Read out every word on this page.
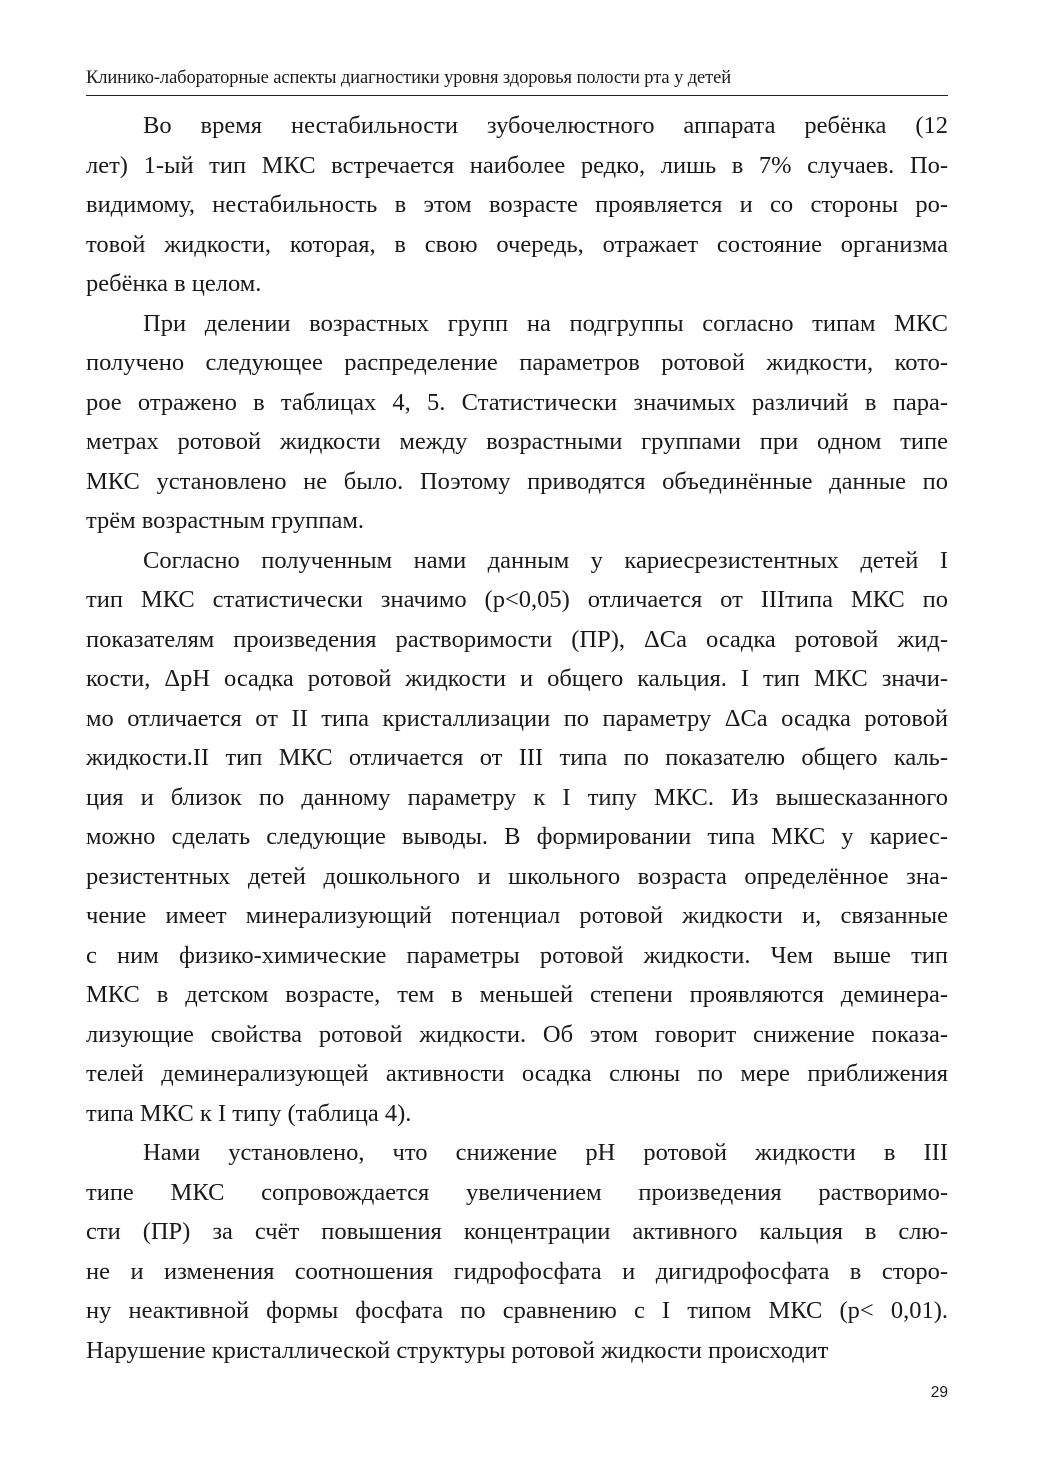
Клинико-лабораторные аспекты диагностики уровня здоровья полости рта у детей
Во время нестабильности зубочелюстного аппарата ребёнка (12
лет) 1-ый тип МКС встречается наиболее редко, лишь в 7% случаев. По-
видимому, нестабильность в этом возрасте проявляется и со стороны ро-
товой жидкости, которая, в свою очередь, отражает состояние организма
ребёнка в целом.
При делении возрастных групп на подгруппы согласно типам МКС
получено следующее распределение параметров ротовой жидкости, кото-
рое отражено в таблицах 4, 5. Статистически значимых различий в пара-
метрах ротовой жидкости между возрастными группами при одном типе
МКС установлено не было. Поэтому приводятся объединённые данные по
трём возрастным группам.
Согласно полученным нами данным у кариесрезистентных детей I
тип МКС статистически значимо (p<0,05) отличается от IIIтипа МКС по
показателям произведения растворимости (ПР), ΔCa осадка ротовой жид-
кости, ΔpH осадка ротовой жидкости и общего кальция. I тип МКС значи-
мо отличается от II типа кристаллизации по параметру ΔCa осадка ротовой
жидкости.II тип МКС отличается от III типа по показателю общего каль-
ция и близок по данному параметру к I типу МКС. Из вышесказанного
можно сделать следующие выводы. В формировании типа МКС у кариес-
резистентных детей дошкольного и школьного возраста определённое зна-
чение имеет минерализующий потенциал ротовой жидкости и, связанные
с ним физико-химические параметры ротовой жидкости. Чем выше тип
МКС в детском возрасте, тем в меньшей степени проявляются деминера-
лизующие свойства ротовой жидкости. Об этом говорит снижение показа-
телей деминерализующей активности осадка слюны по мере приближения
типа МКС к I типу (таблица 4).
Нами установлено, что снижение pH ротовой жидкости в III
типе МКС сопровождается увеличением произведения растворимо-
сти (ПР) за счёт повышения концентрации активного кальция в слю-
не и изменения соотношения гидрофосфата и дигидрофосфата в сторо-
ну неактивной формы фосфата по сравнению с I типом МКС (p< 0,01).
Нарушение кристаллической структуры ротовой жидкости происходит
29
